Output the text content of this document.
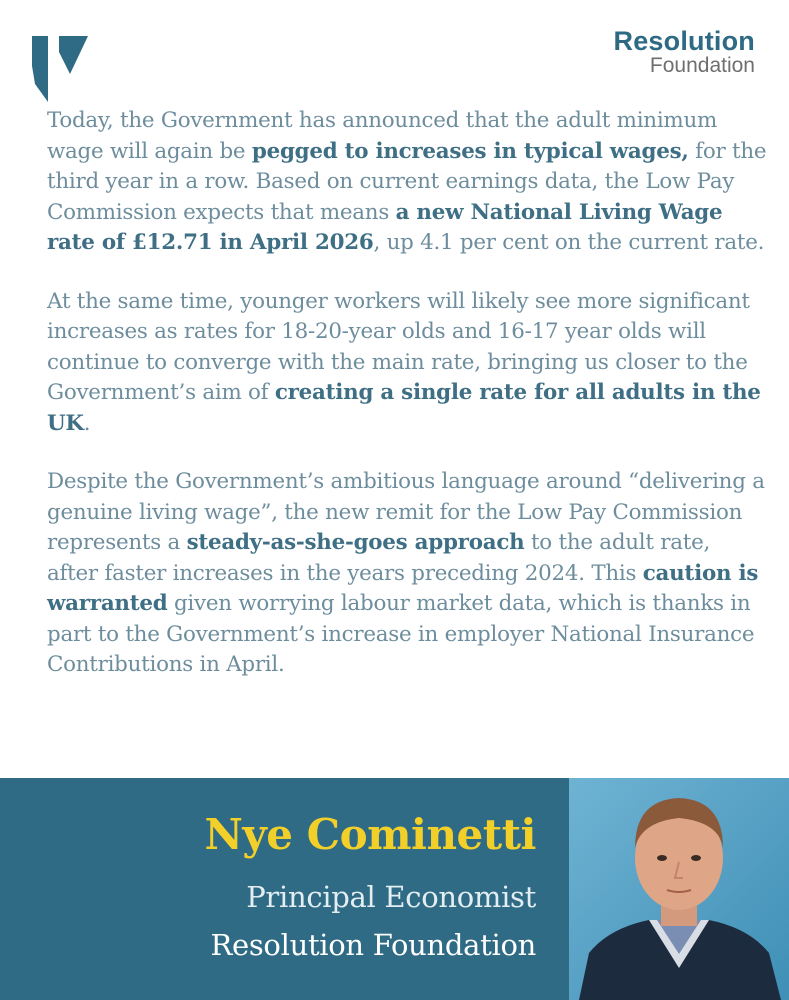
Resolution
Foundation

Today, the Government has announced that the adult minimum wage will again be pegged to increases in typical wages, for the third year in a row. Based on current earnings data, the Low Pay Commission expects that means a new National Living Wage rate of £12.71 in April 2026, up 4.1 per cent on the current rate.

At the same time, younger workers will likely see more significant increases as rates for 18-20-year olds and 16-17 year olds will continue to converge with the main rate, bringing us closer to the Government’s aim of creating a single rate for all adults in the UK.

Despite the Government’s ambitious language around “delivering a genuine living wage”, the new remit for the Low Pay Commission represents a steady-as-she-goes approach to the adult rate, after faster increases in the years preceding 2024. This caution is warranted given worrying labour market data, which is thanks in part to the Government’s increase in employer National Insurance Contributions in April.

Nye Cominetti
Principal Economist
Resolution Foundation
